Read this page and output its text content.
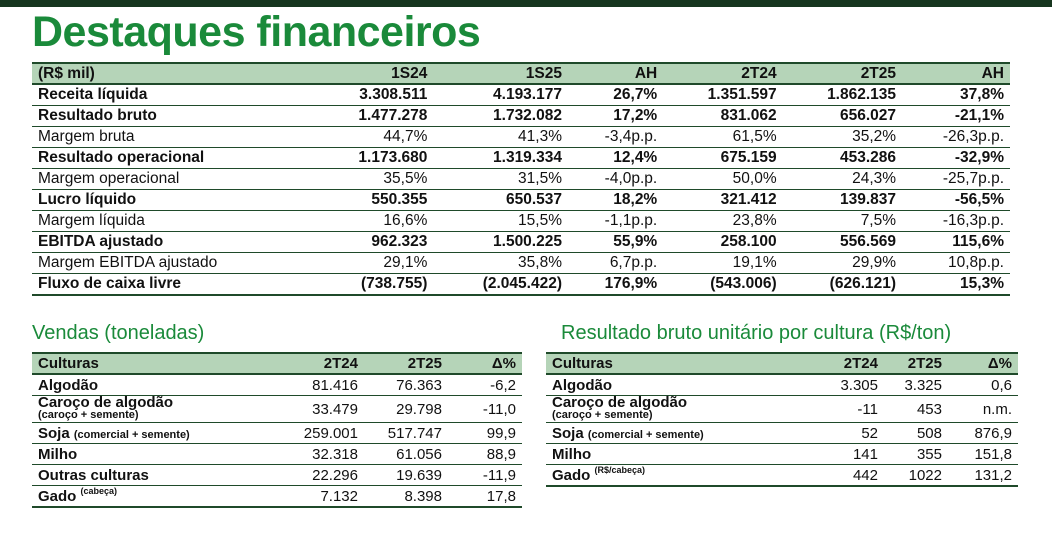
Destaques financeiros
(R$ mil)	1S24	1S25	AH	2T24	2T25	AH
Receita líquida	3.308.511	4.193.177	26,7%	1.351.597	1.862.135	37,8%
Resultado bruto	1.477.278	1.732.082	17,2%	831.062	656.027	-21,1%
Margem bruta	44,7%	41,3%	-3,4p.p.	61,5%	35,2%	-26,3p.p.
Resultado operacional	1.173.680	1.319.334	12,4%	675.159	453.286	-32,9%
Margem operacional	35,5%	31,5%	-4,0p.p.	50,0%	24,3%	-25,7p.p.
Lucro líquido	550.355	650.537	18,2%	321.412	139.837	-56,5%
Margem líquida	16,6%	15,5%	-1,1p.p.	23,8%	7,5%	-16,3p.p.
EBITDA ajustado	962.323	1.500.225	55,9%	258.100	556.569	115,6%
Margem EBITDA ajustado	29,1%	35,8%	6,7p.p.	19,1%	29,9%	10,8p.p.
Fluxo de caixa livre	(738.755)	(2.045.422)	176,9%	(543.006)	(626.121)	15,3%
Vendas (toneladas)
Culturas	2T24	2T25	Δ%
Algodão	81.416	76.363	-6,2

Caroço de algodão
(caroço + semente)	33.479	29.798	-11,0
Soja (comercial + semente)	259.001	517.747	99,9
Milho	32.318	61.056	88,9
Outras culturas	22.296	19.639	-11,9
Gado $^{(cabeça)}$	7.132	8.398	17,8
Resultado bruto unitário por cultura (R$/ton)
Culturas	2T24	2T25	Δ%
Algodão	3.305	3.325	0,6

Caroço de algodão
(caroço + semente)	-11	453	n.m.
Soja (comercial + semente)	52	508	876,9
Milho	141	355	151,8
Gado $^{(R\$/cabeça)}$	442	1022	131,2
